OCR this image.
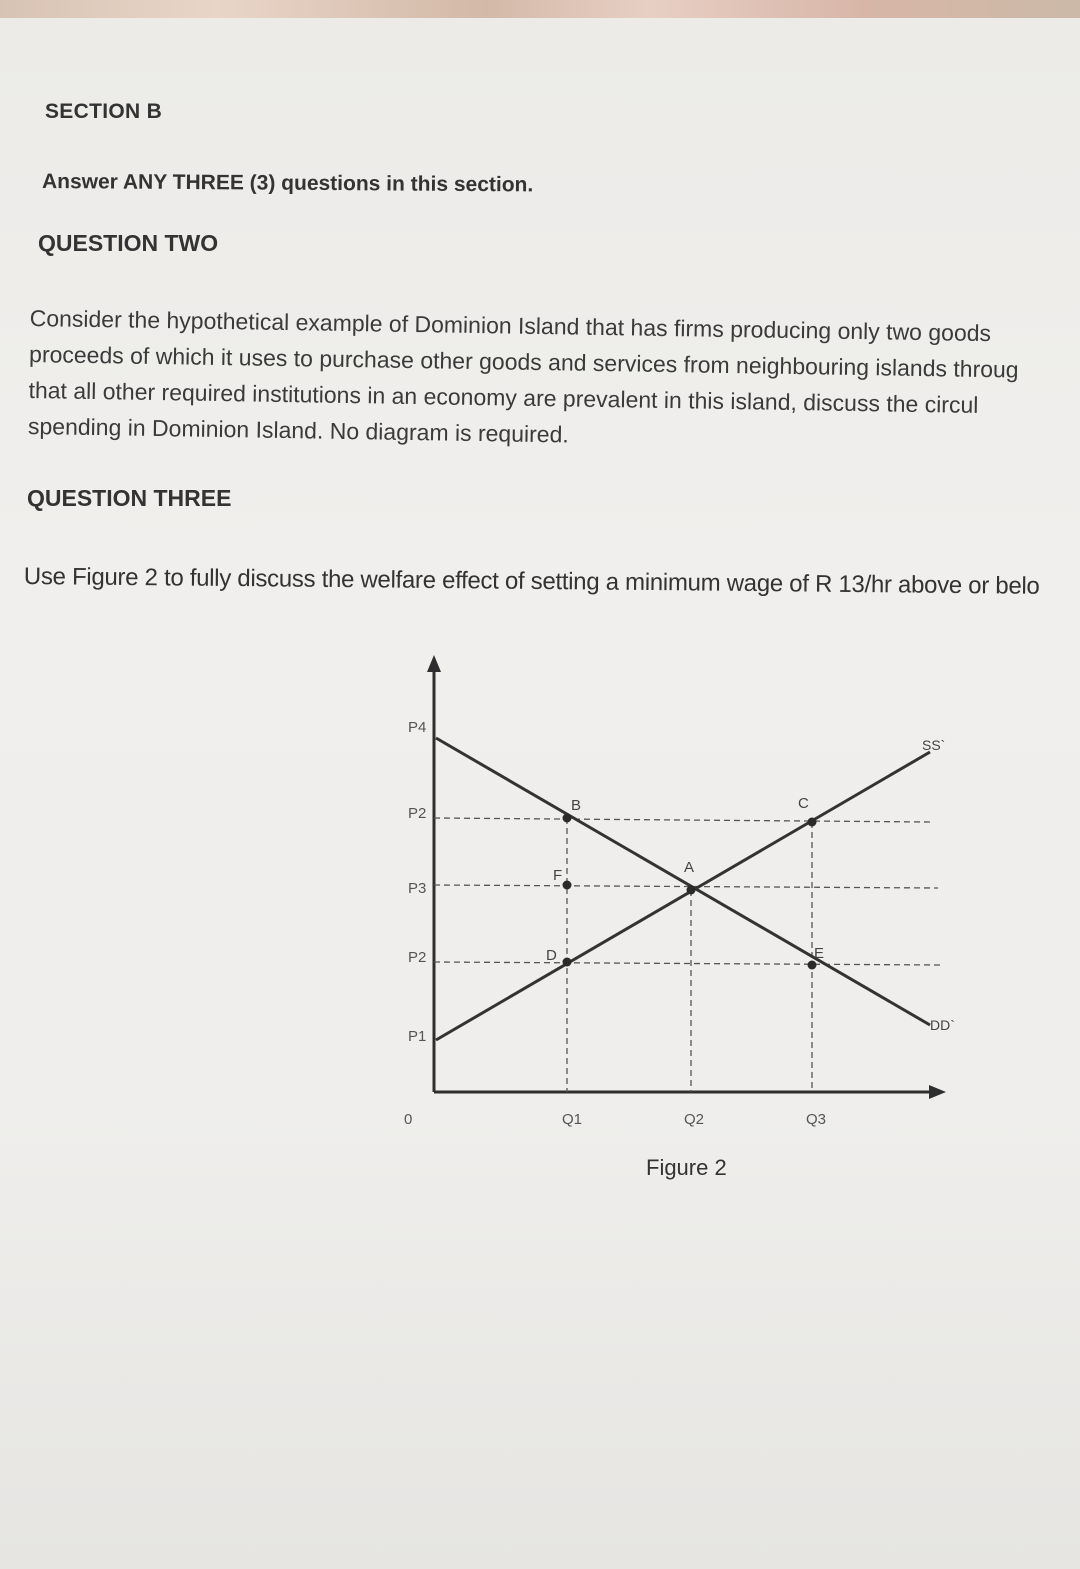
SECTION B
Answer ANY THREE (3) questions in this section.
QUESTION TWO
Consider the hypothetical example of Dominion Island that has firms producing only two goods
proceeds of which it uses to purchase other goods and services from neighbouring islands throug
that all other required institutions in an economy are prevalent in this island, discuss the circul
spending in Dominion Island. No diagram is required.
QUESTION THREE
Use Figure 2 to fully discuss the welfare effect of setting a minimum wage of R 13/hr above or belo
B	C
A
F
D	E
SS`
DD`
P4
P2
P3
P2
P1
0	Q1	Q2	Q3
Figure 2
